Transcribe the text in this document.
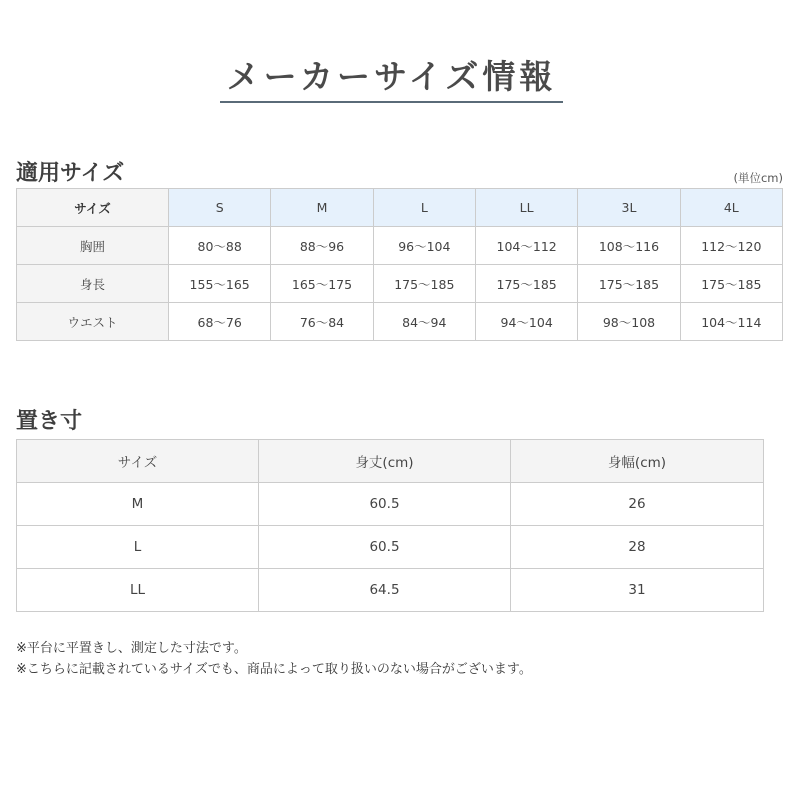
メーカーサイズ情報
適用サイズ	(単位cm)
サイズ	S	M	L	LL	3L	4L
胸囲	80〜88	88〜96	96〜104	104〜112	108〜116	112〜120
身長	155〜165	165〜175	175〜185	175〜185	175〜185	175〜185
ウエスト	68〜76	76〜84	84〜94	94〜104	98〜108	104〜114
置き寸
サイズ	身丈(cm)	身幅(cm)
M	60.5	26
L	60.5	28
LL	64.5	31
※平台に平置きし、測定した寸法です。
※こちらに記載されているサイズでも、商品によって取り扱いのない場合がございます。
